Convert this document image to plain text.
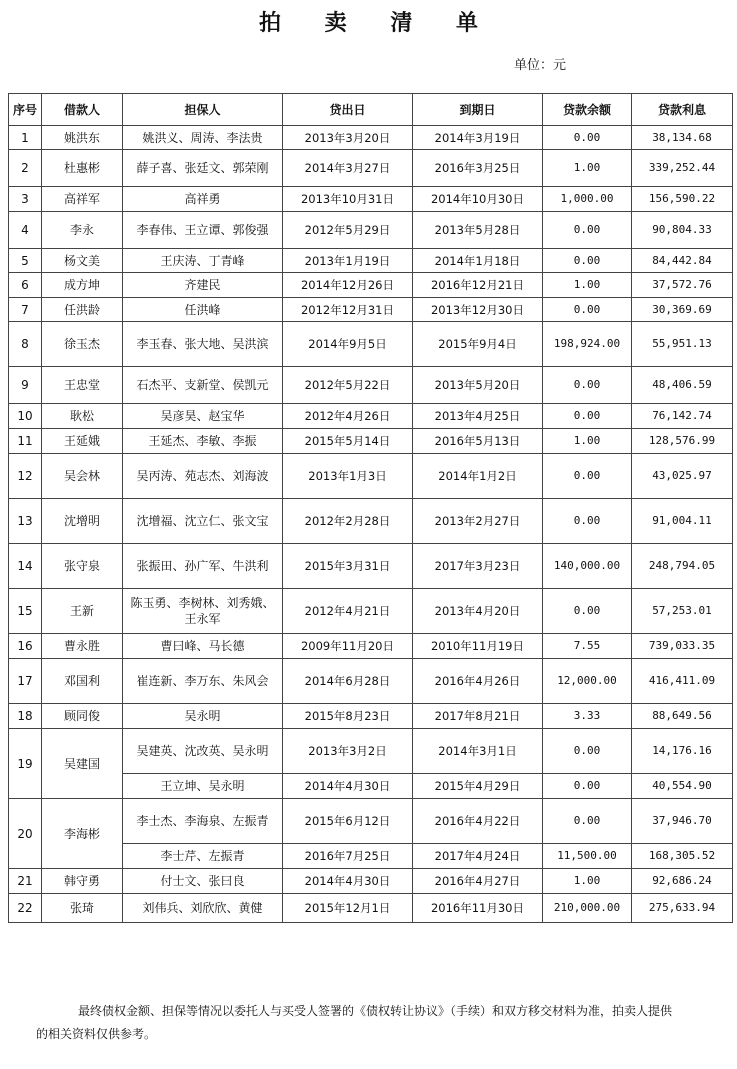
拍 卖 清 单
单位：元
序号	借款人	担保人	贷出日	到期日	贷款余额	贷款利息
1	姚洪东	姚洪义、周涛、李法贵	2013年3月20日	2014年3月19日	0.00	38,134.68
2	杜惠彬	薛子喜、张廷文、郭荣刚	2014年3月27日	2016年3月25日	1.00	339,252.44
3	高祥军	高祥勇	2013年10月31日	2014年10月30日	1,000.00	156,590.22
4	李永	李春伟、王立谭、郭俊强	2012年5月29日	2013年5月28日	0.00	90,804.33
5	杨文美	王庆涛、丁青峰	2013年1月19日	2014年1月18日	0.00	84,442.84
6	成方坤	齐建民	2014年12月26日	2016年12月21日	1.00	37,572.76
7	任洪龄	任洪峰	2012年12月31日	2013年12月30日	0.00	30,369.69
8	徐玉杰	李玉春、张大地、吴洪滨	2014年9月5日	2015年9月4日	198,924.00	55,951.13
9	王忠堂	石杰平、支新堂、侯凯元	2012年5月22日	2013年5月20日	0.00	48,406.59
10	耿松	吴彦昊、赵宝华	2012年4月26日	2013年4月25日	0.00	76,142.74
11	王延娥	王延杰、李敏、李振	2015年5月14日	2016年5月13日	1.00	128,576.99
12	吴会林	吴丙涛、苑志杰、刘海波	2013年1月3日	2014年1月2日	0.00	43,025.97
13	沈增明	沈增福、沈立仁、张文宝	2012年2月28日	2013年2月27日	0.00	91,004.11
14	张守泉	张振田、孙广军、牛洪利	2015年3月31日	2017年3月23日	140,000.00	248,794.05
15	王新	陈玉勇、李树林、刘秀娥、王永军	2012年4月21日	2013年4月20日	0.00	57,253.01
16	曹永胜	曹曰峰、马长德	2009年11月20日	2010年11月19日	7.55	739,033.35
17	邓国利	崔连新、李万东、朱风会	2014年6月28日	2016年4月26日	12,000.00	416,411.09
18	顾同俊	吴永明	2015年8月23日	2017年8月21日	3.33	88,649.56
19	吴建国	吴建英、沈改英、吴永明	2013年3月2日	2014年3月1日	0.00	14,176.16
		王立坤、吴永明	2014年4月30日	2015年4月29日	0.00	40,554.90
20	李海彬	李士杰、李海泉、左振青	2015年6月12日	2016年4月22日	0.00	37,946.70
		李士芹、左振青	2016年7月25日	2017年4月24日	11,500.00	168,305.52
21	韩守勇	付士文、张曰良	2014年4月30日	2016年4月27日	1.00	92,686.24
22	张琦	刘伟兵、刘欣欣、黄健	2015年12月1日	2016年11月30日	210,000.00	275,633.94
最终债权金额、担保等情况以委托人与买受人签署的《债权转让协议》（手续）和双方移交材料为准，拍卖人提供的相关资料仅供参考。
